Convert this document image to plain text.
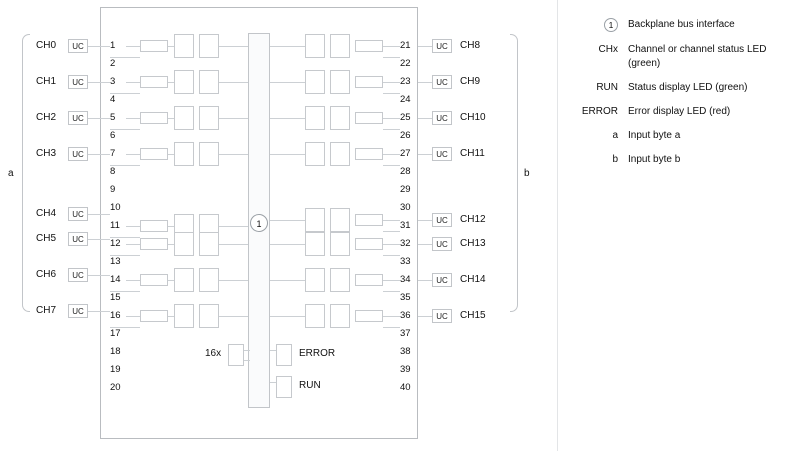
1
a	b
1
2
3
4
5
6
7
8
9
10
11
12
13
14
15
16
17
18
19
20
21
22
23
24
25
26
27
28
29
30
31
32
33
34
35
36
37
38
39
40
CH0	UC
CH1	UC
CH2	UC
CH3	UC
CH4	UC
CH5	UC
CH6	UC
CH7	UC
UC	CH8
UC	CH9
UC	CH10
UC	CH11
UC	CH12
UC	CH13
UC	CH14
UC	CH15
16x	ERROR
RUN
1	Backplane bus interface
CHx	Channel or channel status LED (green)
RUN	Status display LED (green)
ERROR	Error display LED (red)
a	Input byte a
b	Input byte b
